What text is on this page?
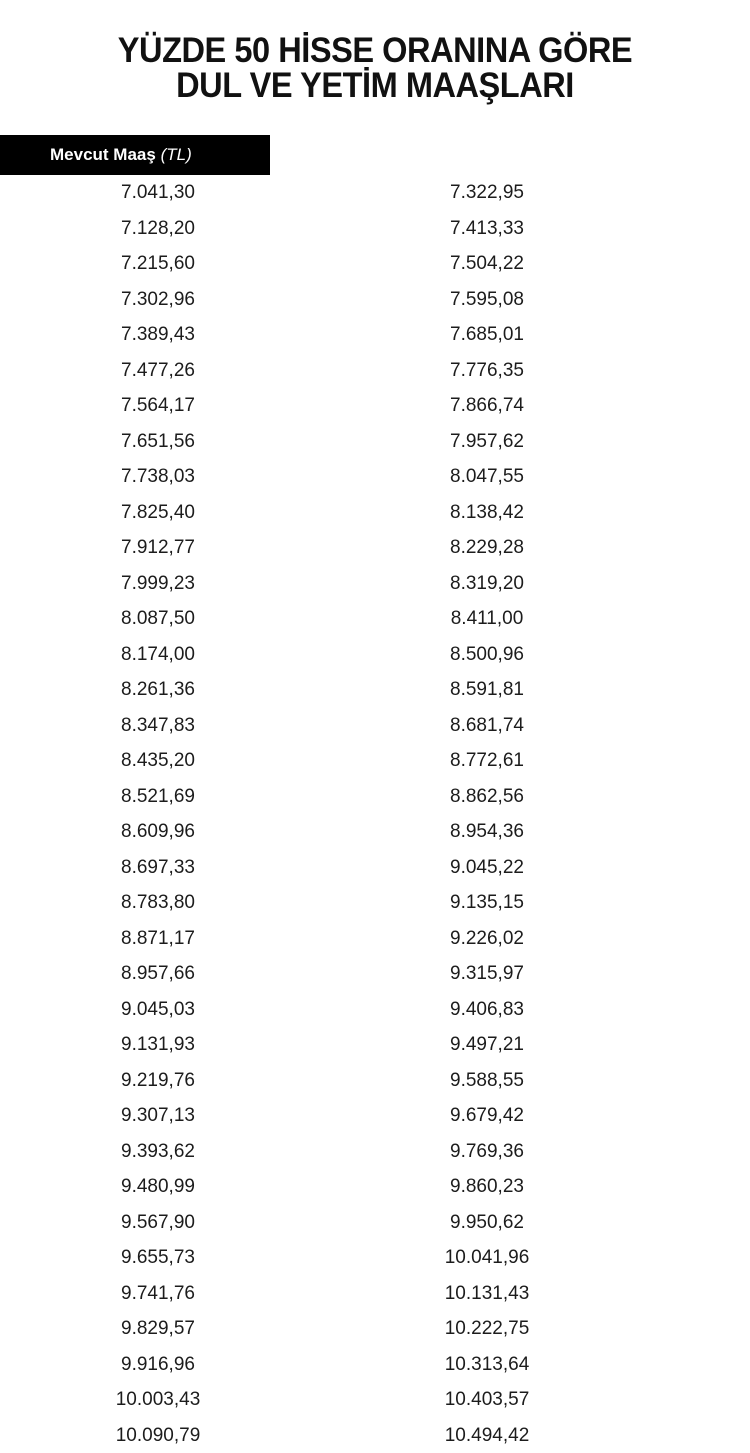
YÜZDE 50 HİSSE ORANINA GÖRE
DUL VE YETİM MAAŞLARI
Mevcut Maaş (TL)
7.041,30	7.322,95
7.128,20	7.413,33
7.215,60	7.504,22
7.302,96	7.595,08
7.389,43	7.685,01
7.477,26	7.776,35
7.564,17	7.866,74
7.651,56	7.957,62
7.738,03	8.047,55
7.825,40	8.138,42
7.912,77	8.229,28
7.999,23	8.319,20
8.087,50	8.411,00
8.174,00	8.500,96
8.261,36	8.591,81
8.347,83	8.681,74
8.435,20	8.772,61
8.521,69	8.862,56
8.609,96	8.954,36
8.697,33	9.045,22
8.783,80	9.135,15
8.871,17	9.226,02
8.957,66	9.315,97
9.045,03	9.406,83
9.131,93	9.497,21
9.219,76	9.588,55
9.307,13	9.679,42
9.393,62	9.769,36
9.480,99	9.860,23
9.567,90	9.950,62
9.655,73	10.041,96
9.741,76	10.131,43
9.829,57	10.222,75
9.916,96	10.313,64
10.003,43	10.403,57
10.090,79	10.494,42
